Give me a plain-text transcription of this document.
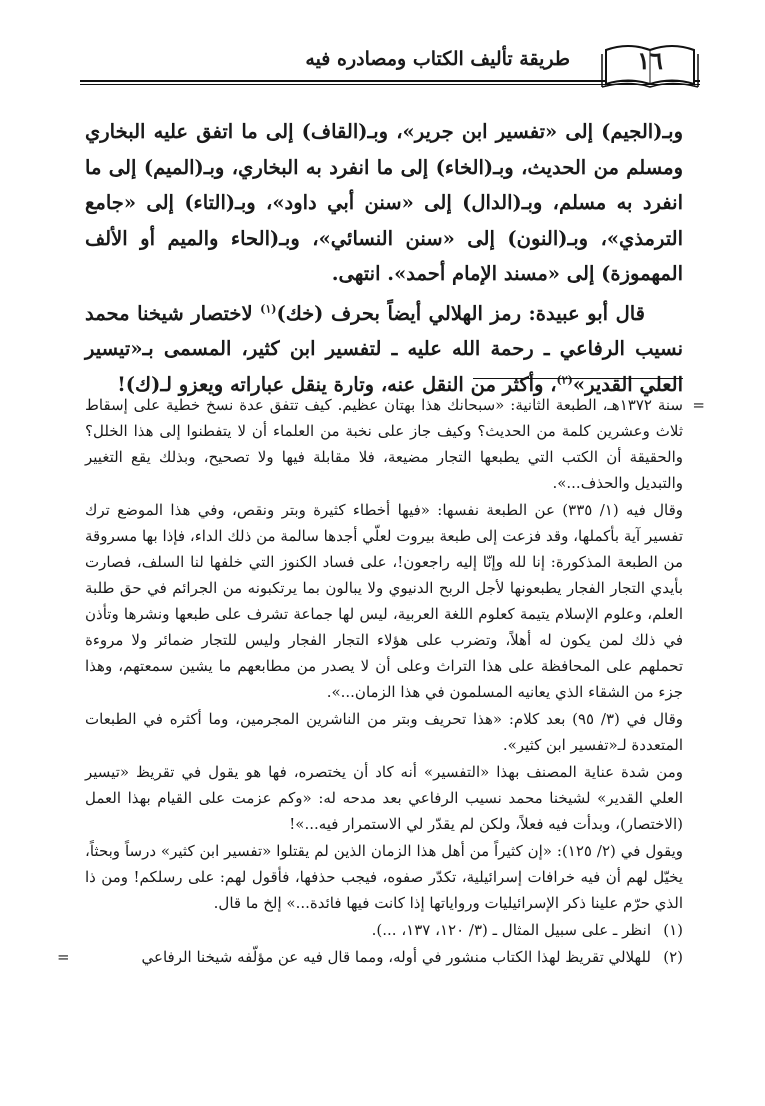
طريقة تأليف الكتاب ومصادره فيه	١٦

وبـ(الجيم) إلى «تفسير ابن جرير»، وبـ(القاف) إلى ما اتفق عليه البخاري ومسلم من الحديث، وبـ(الخاء) إلى ما انفرد به البخاري، وبـ(الميم) إلى ما انفرد به مسلم، وبـ(الدال) إلى «سنن أبي داود»، وبـ(التاء) إلى «جامع الترمذي»، وبـ(النون) إلى «سنن النسائي»، وبـ(الحاء والميم أو الألف المهموزة) إلى «مسند الإمام أحمد». انتهى.

قال أبو عبيدة: رمز الهلالي أيضاً بحرف (خك)$^{(١)}$ لاختصار شيخنا محمد نسيب الرفاعي ـ رحمة الله عليه ـ لتفسير ابن كثير، المسمى بـ«تيسير العلي القدير»$^{(٢)}$، وأكثر من النقل عنه، وتارة ينقل عباراته ويعزو لـ(ك)!

=
سنة ١٣٧٢هـ، الطبعة الثانية: «سبحانك هذا بهتان عظيم. كيف تتفق عدة نسخ خطية على إسقاط ثلاث وعشرين كلمة من الحديث؟ وكيف جاز على نخبة من العلماء أن لا يتفطنوا إلى هذا الخلل؟ والحقيقة أن الكتب التي يطبعها التجار مضيعة، فلا مقابلة فيها ولا تصحيح، وبذلك يقع التغيير والتبديل والحذف...».

وقال فيه (١/ ٣٣٥) عن الطبعة نفسها: «فيها أخطاء كثيرة وبتر ونقص، وفي هذا الموضع ترك تفسير آية بأكملها، وقد فزعت إلى طبعة بيروت لعلّي أجدها سالمة من ذلك الداء، فإذا بها مسروقة من الطبعة المذكورة: إنا لله وإنّا إليه راجعون!، على فساد الكنوز التي خلفها لنا السلف، فصارت بأيدي التجار الفجار يطبعونها لأجل الربح الدنيوي ولا يبالون بما يرتكبونه من الجرائم في حق طلبة العلم، وعلوم الإسلام يتيمة كعلوم اللغة العربية، ليس لها جماعة تشرف على طبعها ونشرها وتأذن في ذلك لمن يكون له أهلاً، وتضرب على هؤلاء التجار الفجار وليس للتجار ضمائر ولا مروءة تحملهم على المحافظة على هذا التراث وعلى أن لا يصدر من مطابعهم ما يشين سمعتهم، وهذا جزء من الشقاء الذي يعانيه المسلمون في هذا الزمان...».

وقال في (٣/ ٩٥) بعد كلام: «هذا تحريف وبتر من الناشرين المجرمين، وما أكثره في الطبعات المتعددة لـ«تفسير ابن كثير».

ومن شدة عناية المصنف بهذا «التفسير» أنه كاد أن يختصره، فها هو يقول في تقريظ «تيسير العلي القدير» لشيخنا محمد نسيب الرفاعي بعد مدحه له: «وكم عزمت على القيام بهذا العمل (الاختصار)، وبدأت فيه فعلاً، ولكن لم يقدّر لي الاستمرار فيه...»!

ويقول في (٢/ ١٢٥): «إن كثيراً من أهل هذا الزمان الذين لم يقتلوا «تفسير ابن كثير» درساً وبحثاً، يخيّل لهم أن فيه خرافات إسرائيلية، تكدّر صفوه، فيجب حذفها، فأقول لهم: على رسلكم! ومن ذا الذي حرّم علينا ذكر الإسرائيليات ورواياتها إذا كانت فيها فائدة...» إلخ ما قال.

(١)
انظر ـ على سبيل المثال ـ (٣/ ١٢٠، ١٣٧، ...).

(٢)
للهلالي تقريظ لهذا الكتاب منشور في أوله، ومما قال فيه عن مؤلّفه شيخنا الرفاعي
=
